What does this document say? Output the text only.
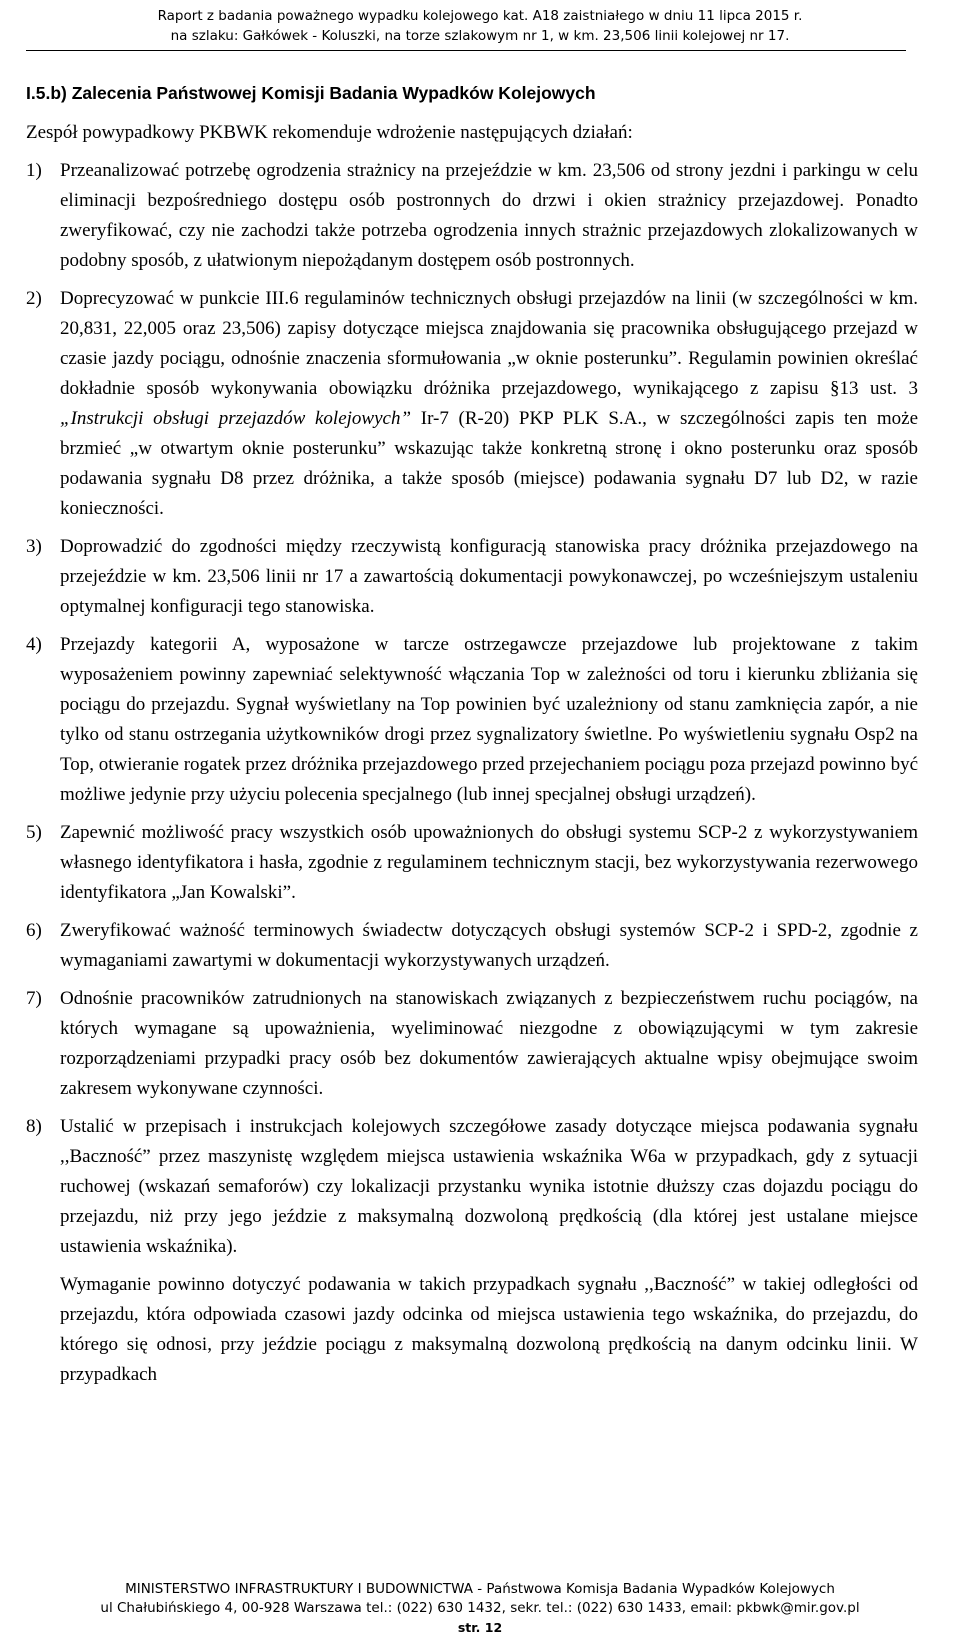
Raport z badania poważnego wypadku kolejowego kat. A18 zaistniałego w dniu 11 lipca 2015 r.
na szlaku: Gałkówek - Koluszki, na torze szlakowym nr 1, w km. 23,506 linii kolejowej nr 17.

I.5.b) Zalecenia Państwowej Komisji Badania Wypadków Kolejowych

Zespół powypadkowy PKBWK rekomenduje wdrożenie następujących działań:

1) Przeanalizować potrzebę ogrodzenia strażnicy na przejeździe w km. 23,506 od strony jezdni i parkingu w celu eliminacji bezpośredniego dostępu osób postronnych do drzwi i okien strażnicy przejazdowej. Ponadto zweryfikować, czy nie zachodzi także potrzeba ogrodzenia innych strażnic przejazdowych zlokalizowanych w podobny sposób, z ułatwionym niepożądanym dostępem osób postronnych.
2) Doprecyzować w punkcie III.6 regulaminów technicznych obsługi przejazdów na linii (w szczególności w km. 20,831, 22,005 oraz 23,506) zapisy dotyczące miejsca znajdowania się pracownika obsługującego przejazd w czasie jazdy pociągu, odnośnie znaczenia sformułowania „w oknie posterunku”. Regulamin powinien określać dokładnie sposób wykonywania obowiązku dróżnika przejazdowego, wynikającego z zapisu §13 ust. 3 „Instrukcji obsługi przejazdów kolejowych” Ir-7 (R-20) PKP PLK S.A., w szczególności zapis ten może brzmieć „w otwartym oknie posterunku” wskazując także konkretną stronę i okno posterunku oraz sposób podawania sygnału D8 przez dróżnika, a także sposób (miejsce) podawania sygnału D7 lub D2, w razie konieczności.
3) Doprowadzić do zgodności między rzeczywistą konfiguracją stanowiska pracy dróżnika przejazdowego na przejeździe w km. 23,506 linii nr 17 a zawartością dokumentacji powykonawczej, po wcześniejszym ustaleniu optymalnej konfiguracji tego stanowiska.
4) Przejazdy kategorii A, wyposażone w tarcze ostrzegawcze przejazdowe lub projektowane z takim wyposażeniem powinny zapewniać selektywność włączania Top w zależności od toru i kierunku zbliżania się pociągu do przejazdu. Sygnał wyświetlany na Top powinien być uzależniony od stanu zamknięcia zapór, a nie tylko od stanu ostrzegania użytkowników drogi przez sygnalizatory świetlne. Po wyświetleniu sygnału Osp2 na Top, otwieranie rogatek przez dróżnika przejazdowego przed przejechaniem pociągu poza przejazd powinno być możliwe jedynie przy użyciu polecenia specjalnego (lub innej specjalnej obsługi urządzeń).
5) Zapewnić możliwość pracy wszystkich osób upoważnionych do obsługi systemu SCP-2 z wykorzystywaniem własnego identyfikatora i hasła, zgodnie z regulaminem technicznym stacji, bez wykorzystywania rezerwowego identyfikatora „Jan Kowalski”.
6) Zweryfikować ważność terminowych świadectw dotyczących obsługi systemów SCP-2 i SPD-2, zgodnie z wymaganiami zawartymi w dokumentacji wykorzystywanych urządzeń.
7) Odnośnie pracowników zatrudnionych na stanowiskach związanych z bezpieczeństwem ruchu pociągów, na których wymagane są upoważnienia, wyeliminować niezgodne z obowiązującymi w tym zakresie rozporządzeniami przypadki pracy osób bez dokumentów zawierających aktualne wpisy obejmujące swoim zakresem wykonywane czynności.
8) Ustalić w przepisach i instrukcjach kolejowych szczegółowe zasady dotyczące miejsca podawania sygnału ,,Baczność” przez maszynistę względem miejsca ustawienia wskaźnika W6a w przypadkach, gdy z sytuacji ruchowej (wskazań semaforów) czy lokalizacji przystanku wynika istotnie dłuższy czas dojazdu pociągu do przejazdu, niż przy jego jeździe z maksymalną dozwoloną prędkością (dla której jest ustalane miejsce ustawienia wskaźnika).
Wymaganie powinno dotyczyć podawania w takich przypadkach sygnału ,,Baczność” w takiej odległości od przejazdu, która odpowiada czasowi jazdy odcinka od miejsca ustawienia tego wskaźnika, do przejazdu, do którego się odnosi, przy jeździe pociągu z maksymalną dozwoloną prędkością na danym odcinku linii. W przypadkach
MINISTERSTWO INFRASTRUKTURY I BUDOWNICTWA - Państwowa Komisja Badania Wypadków Kolejowych
ul Chałubińskiego 4, 00-928 Warszawa tel.: (022) 630 1432, sekr. tel.: (022) 630 1433, email: pkbwk@mir.gov.pl
str. 12
